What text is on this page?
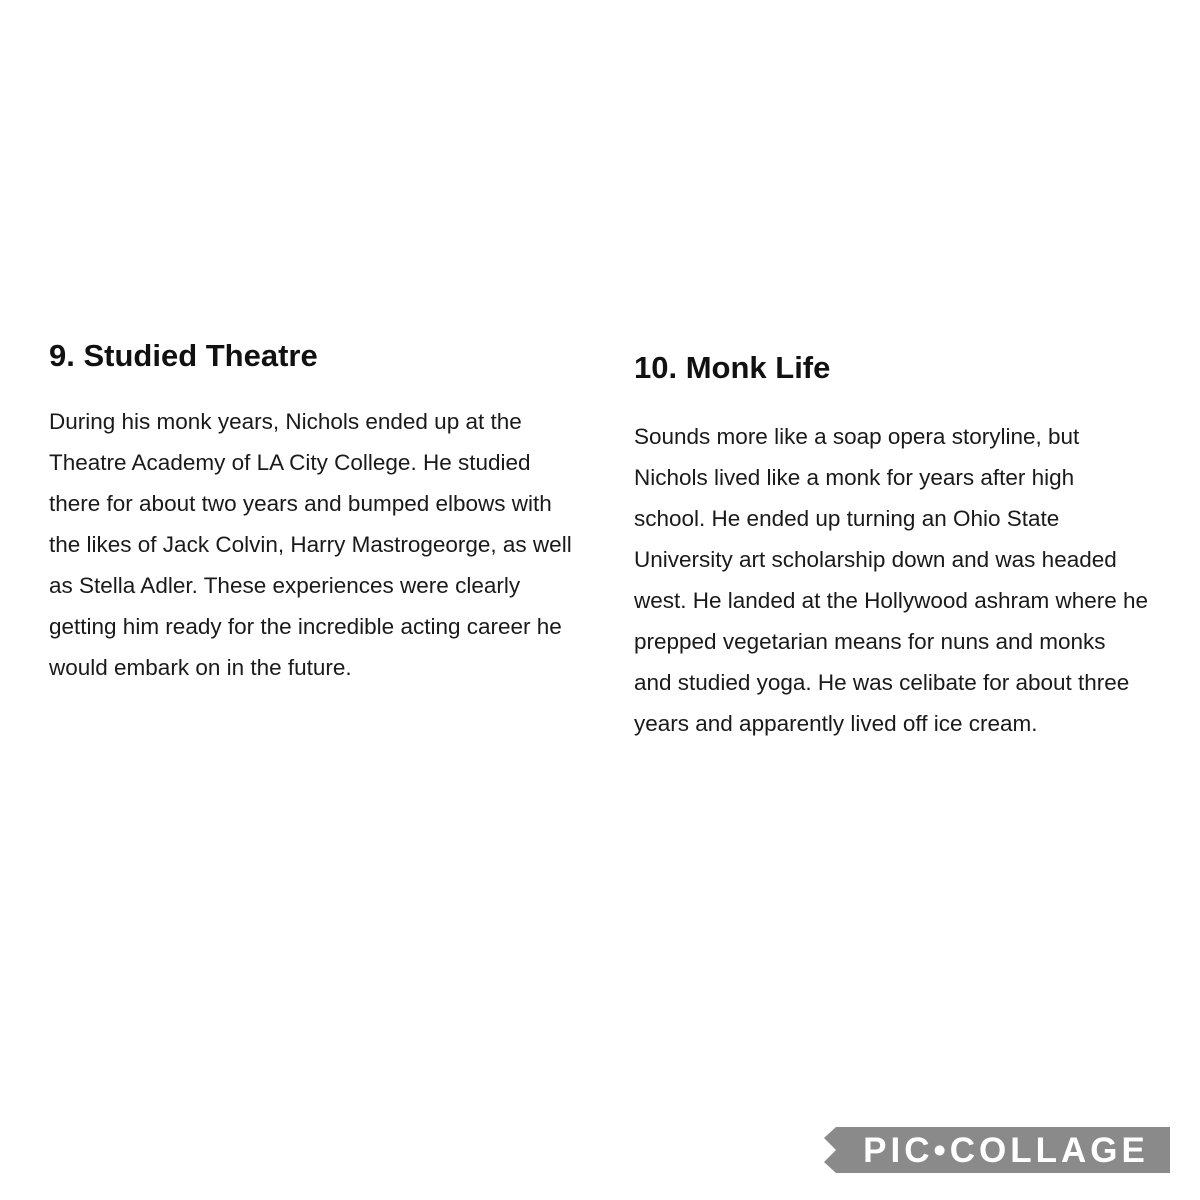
9. Studied Theatre

During his monk years, Nichols ended up at the Theatre Academy of LA City College. He studied there for about two years and bumped elbows with the likes of Jack Colvin, Harry Mastrogeorge, as well as Stella Adler. These experiences were clearly getting him ready for the incredible acting career he would embark on in the future.

10. Monk Life

Sounds more like a soap opera storyline, but Nichols lived like a monk for years after high school. He ended up turning an Ohio State University art scholarship down and was headed west. He landed at the Hollywood ashram where he prepped vegetarian means for nuns and monks and studied yoga. He was celibate for about three years and apparently lived off ice cream.

PIC•COLLAGE
